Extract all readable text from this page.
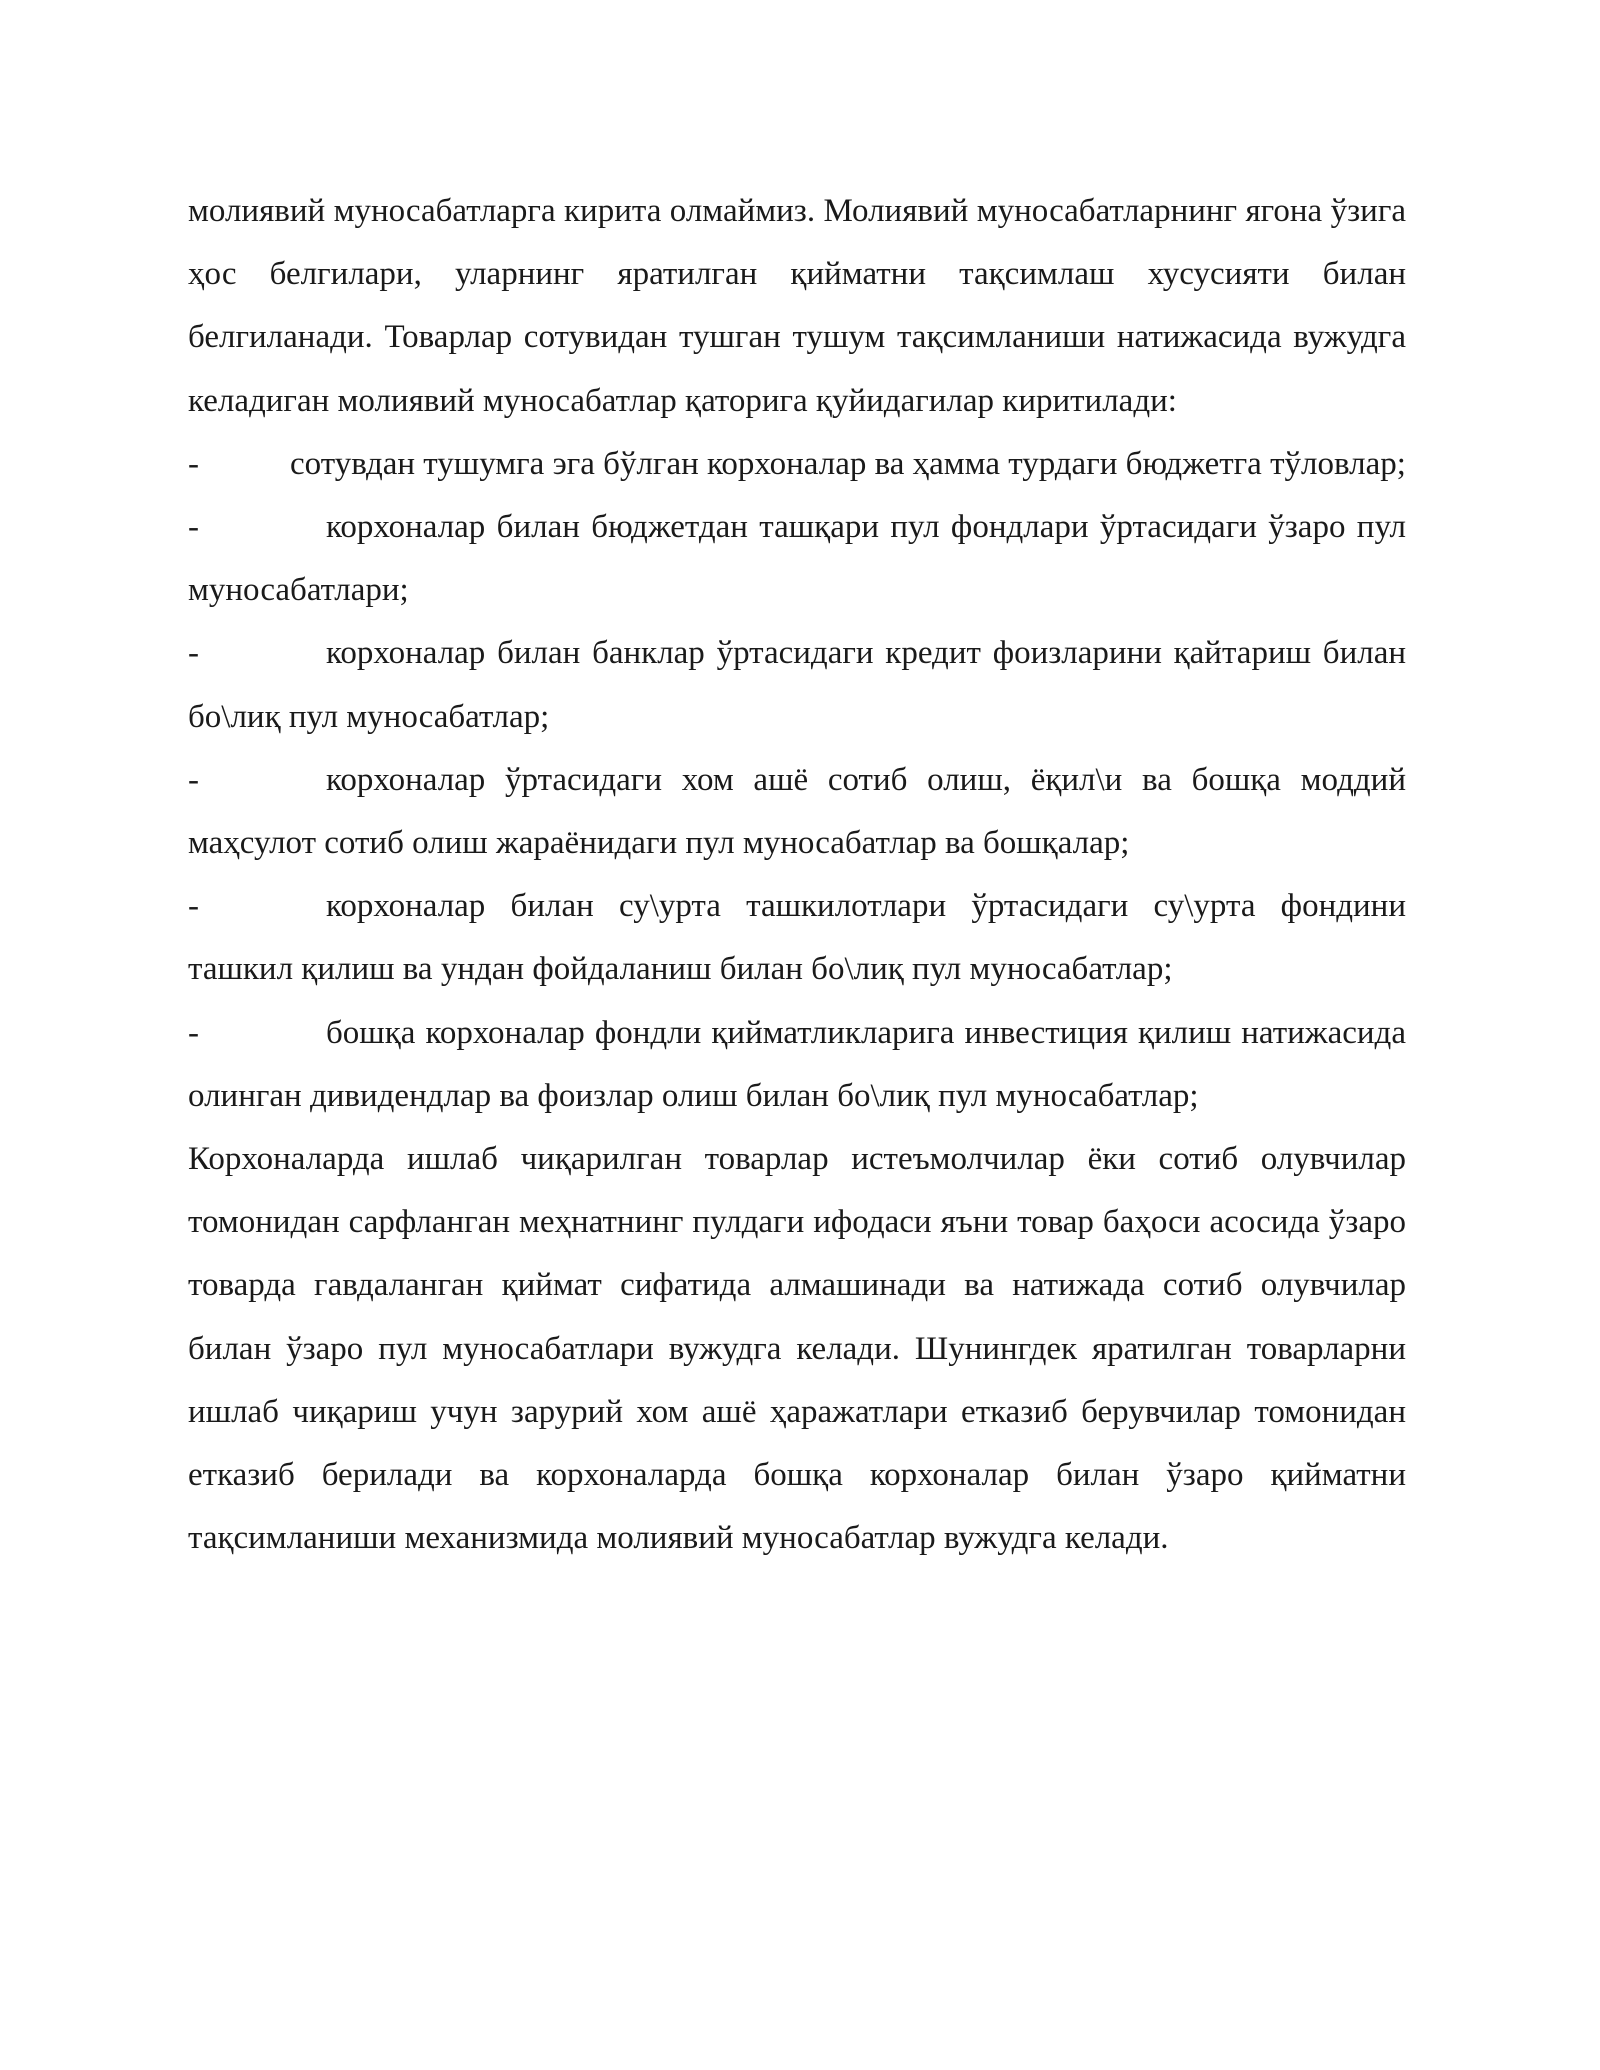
молиявий муносабатларга кирита олмаймиз. Молиявий муносабатларнинг ягона ўзига ҳос белгилари, уларнинг яратилган қийматни тақсимлаш хусусияти билан белгиланади. Товарлар сотувидан тушган тушум тақсимланиши натижасида вужудга келадиган молиявий муносабатлар қаторига қуйидагилар киритилади:

-	сотувдан тушумга эга бўлган корхоналар ва ҳамма турдаги бюджетга тўловлар;

-	корхоналар билан бюджетдан ташқари пул фондлари ўртасидаги ўзаро пул муносабатлари;

-	корхоналар билан банклар ўртасидаги кредит фоизларини қайтариш билан бо\лиқ пул муносабатлар;

-	корхоналар ўртасидаги хом ашё сотиб олиш, ёқил\и ва бошқа моддий маҳсулот сотиб олиш жараёнидаги пул муносабатлар ва бошқалар;

-	корхоналар билан су\урта ташкилотлари ўртасидаги су\урта фондини ташкил қилиш ва ундан фойдаланиш билан бо\лиқ пул муносабатлар;

-	бошқа корхоналар фондли қийматликларига инвестиция қилиш натижасида олинган дивидендлар ва фоизлар олиш билан бо\лиқ пул муносабатлар;

Корхоналарда ишлаб чиқарилган товарлар истеъмолчилар ёки сотиб олувчилар томонидан сарфланган меҳнатнинг пулдаги ифодаси яъни товар баҳоси асосида ўзаро товарда гавдаланган қиймат сифатида алмашинади ва натижада сотиб олувчилар билан ўзаро пул муносабатлари вужудга келади. Шунингдек яратилган товарларни ишлаб чиқариш учун зарурий хом ашё ҳаражатлари етказиб берувчилар томонидан етказиб берилади ва корхоналарда бошқа корхоналар билан ўзаро қийматни тақсимланиши механизмида молиявий муносабатлар вужудга келади.
